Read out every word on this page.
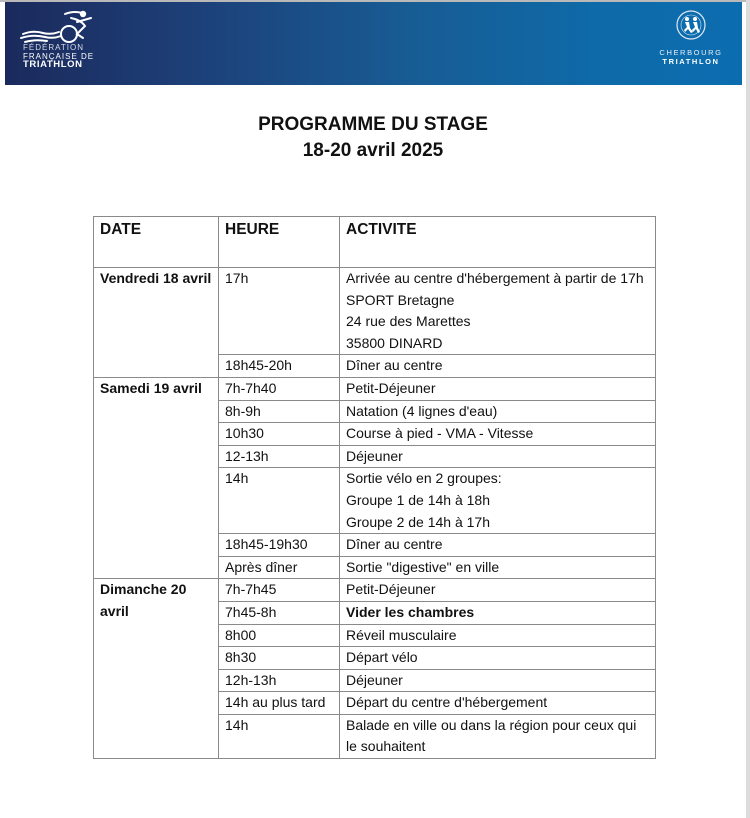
FÉDÉRATION
FRANÇAISE DE
TRIATHLON
CHERBOURG
TRIATHLON
PROGRAMME DU STAGE
18-20 avril 2025
DATE	HEURE	ACTIVITE
Vendredi 18 avril	17h	Arrivée au centre d'hébergement à partir de 17h
SPORT Bretagne
24 rue des Marettes
35800 DINARD

	18h45-20h	Dîner au centre

Samedi 19 avril	7h-7h40	Petit-Déjeuner

	8h-9h	Natation (4 lignes d'eau)

	10h30	Course à pied - VMA - Vitesse

	12-13h	Déjeuner

	14h	Sortie vélo en 2 groupes:
Groupe 1 de 14h à 18h
Groupe 2 de 14h à 17h

	18h45-19h30	Dîner au centre

	Après dîner	Sortie "digestive" en ville

Dimanche 20 avril	7h-7h45	Petit-Déjeuner

	7h45-8h	Vider les chambres

	8h00	Réveil musculaire

	8h30	Départ vélo

	12h-13h	Déjeuner

	14h au plus tard	Départ du centre d'hébergement

	14h	Balade en ville ou dans la région pour ceux qui le souhaitent
